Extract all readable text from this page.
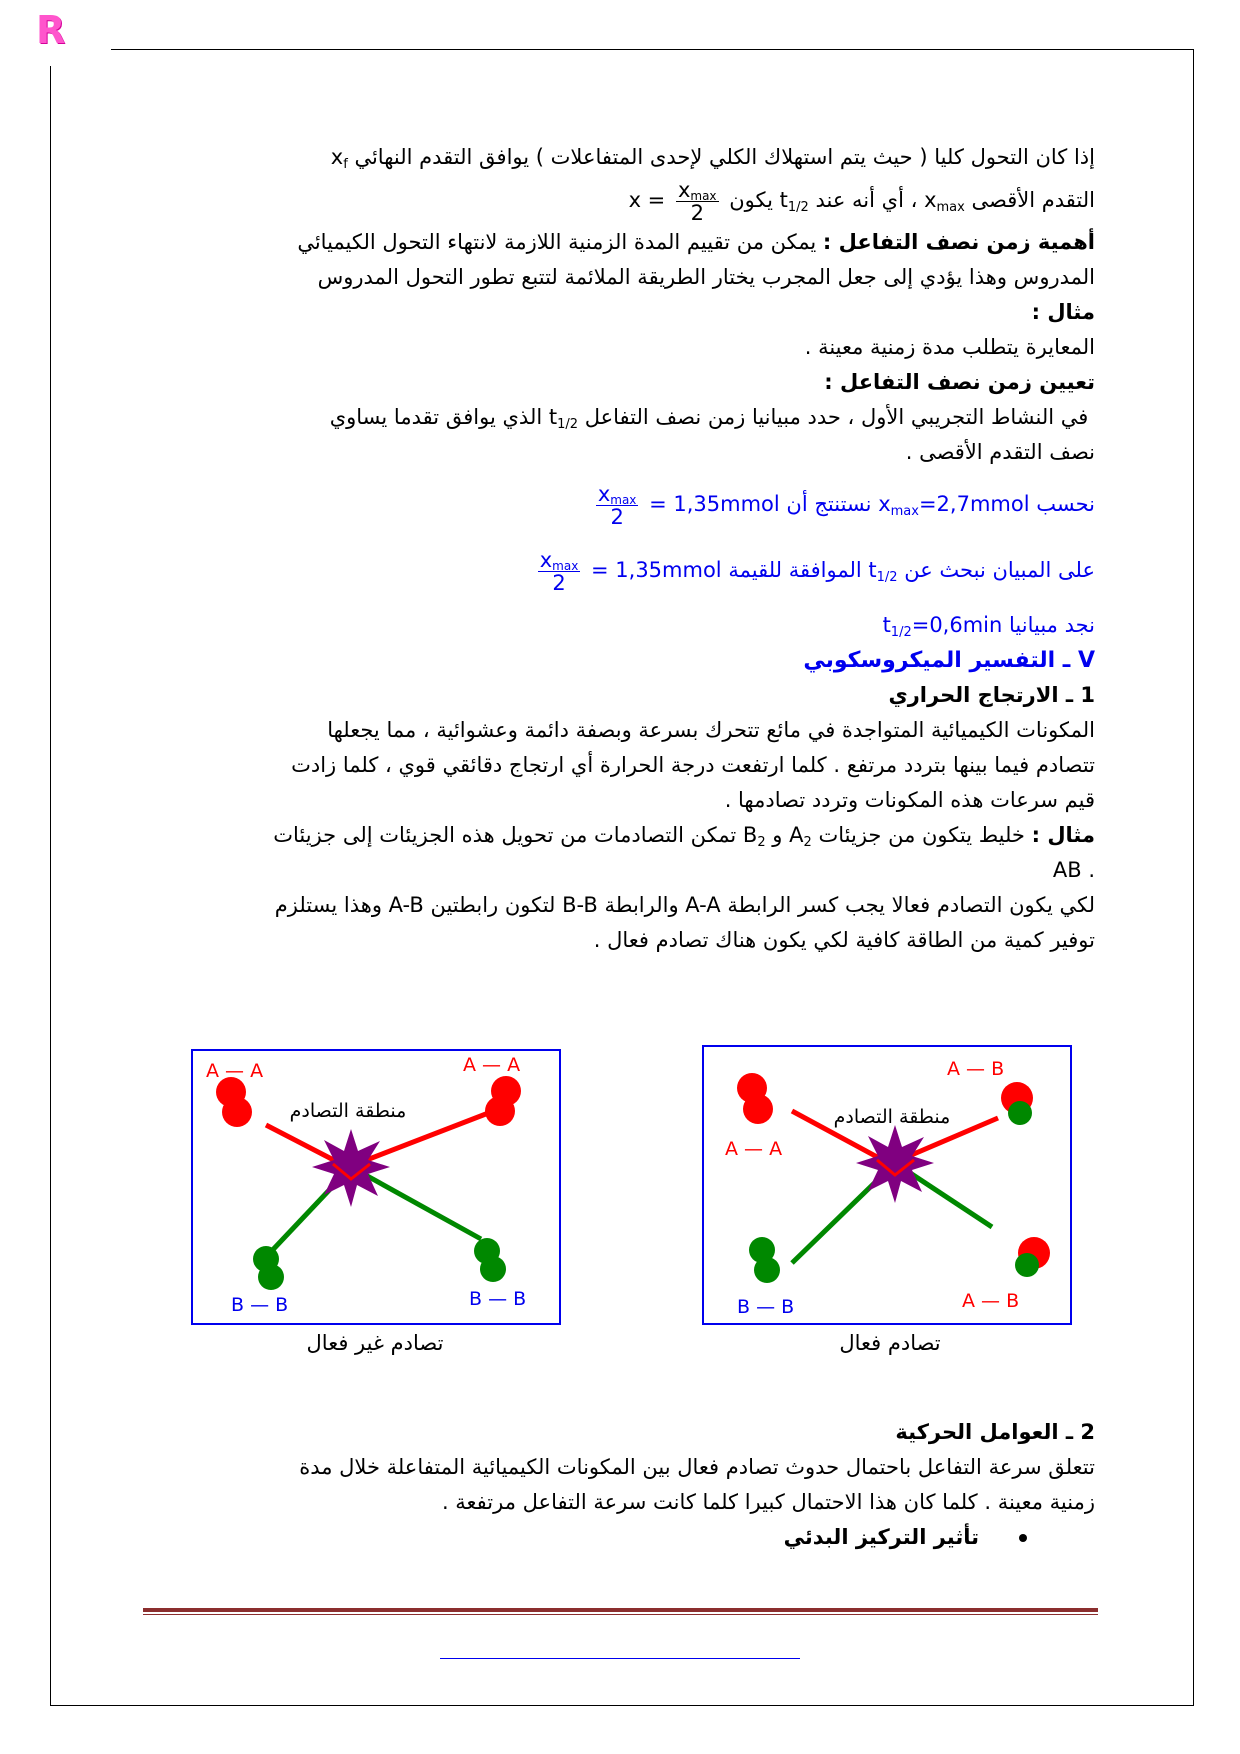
R
إذا كان التحول كليا ( حيث يتم استهلاك الكلي لإحدى المتفاعلات ) يوافق التقدم النهائي $x_f$
التقدم الأقصى $x_{max}$ ، أي أنه عند $t_{1/2}$ يكون $x = \frac{x_{max}}{2}$
أهمية زمن نصف التفاعل : يمكن من تقييم المدة الزمنية اللازمة لانتهاء التحول الكيميائي
المدروس وهذا يؤدي إلى جعل المجرب يختار الطريقة الملائمة لتتبع تطور التحول المدروس
مثال :
المعايرة يتطلب مدة زمنية معينة .
تعيين زمن نصف التفاعل :
في النشاط التجريبي الأول ، حدد مبيانيا زمن نصف التفاعل $t_{1/2}$ الذي يوافق تقدما يساوي
نصف التقدم الأقصى .
نحسب $x_{max}=2,7mmol$ نستنتج أن
$\frac{x_{max}}{2}$ = 1,35mmol
على المبيان نبحث عن $t_{1/2}$ الموافقة للقيمة
$\frac{x_{max}}{2}$ = 1,35mmol
نجد مبيانيا $t_{1/2}=0,6\min$
V ـ التفسير الميكروسكوبي
1 ـ الارتجاج الحراري
المكونات الكيميائية المتواجدة في مائع تتحرك بسرعة وبصفة دائمة وعشوائية ، مما يجعلها
تتصادم فيما بينها بتردد مرتفع . كلما ارتفعت درجة الحرارة أي ارتجاج دقائقي قوي ، كلما زادت
قيم سرعات هذه المكونات وتردد تصادمها .
مثال : خليط يتكون من جزيئات $A_2$ و $B_2$ تمكن التصادمات من تحويل هذه الجزيئات إلى جزيئات
. AB
لكي يكون التصادم فعالا يجب كسر الرابطة A-A والرابطة B-B لتكون رابطتين A-B وهذا يستلزم
توفير كمية من الطاقة كافية لكي يكون هناك تصادم فعال .
A — B
A — A
B — B	A — B
منطقة التصادم
تصادم فعال
A — A	A — A
B — B	B — B
منطقة التصادم
تصادم غير فعال
2 ـ العوامل الحركية
تتعلق سرعة التفاعل باحتمال حدوث تصادم فعال بين المكونات الكيميائية المتفاعلة خلال مدة
زمنية معينة . كلما كان هذا الاحتمال كبيرا كلما كانت سرعة التفاعل مرتفعة .
تأثير التركيز البدئي
